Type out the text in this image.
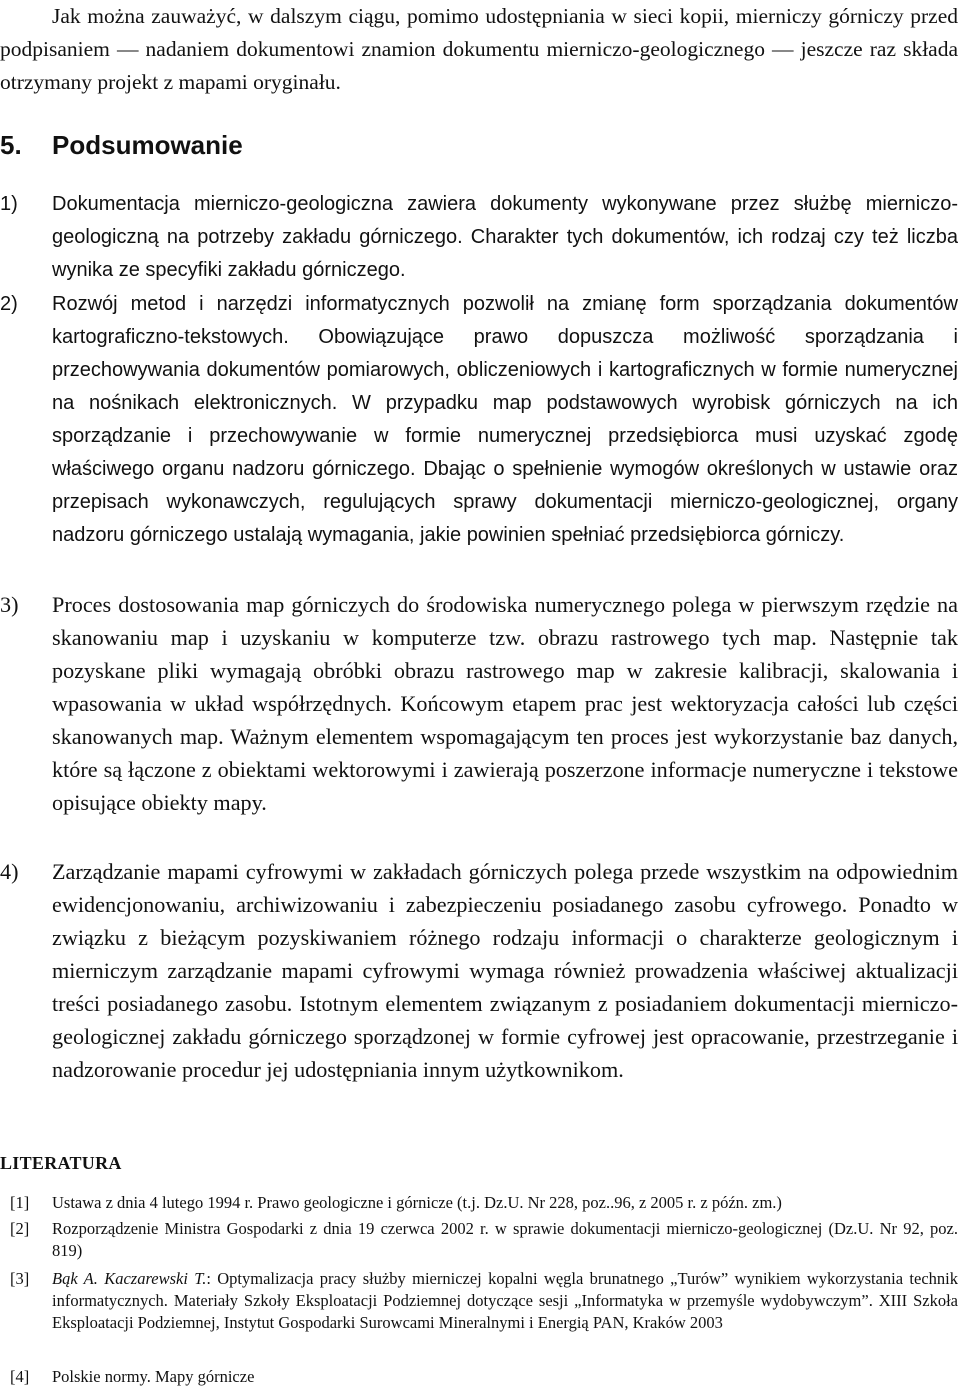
Jak można zauważyć, w dalszym ciągu, pomimo udostępniania w sieci kopii, mierniczy górniczy przed podpisaniem — nadaniem dokumentowi znamion dokumentu mierniczo-geologicznego — jeszcze raz składa otrzymany projekt z mapami oryginału.

5. Podsumowanie
1)	Dokumentacja mierniczo-geologiczna zawiera dokumenty wykonywane przez służbę mierniczo-geologiczną na potrzeby zakładu górniczego. Charakter tych dokumentów, ich rodzaj czy też liczba wynika ze specyfiki zakładu górniczego.
2)	Rozwój metod i narzędzi informatycznych pozwolił na zmianę form sporządzania dokumentów kartograficzno-tekstowych. Obowiązujące prawo dopuszcza możliwość sporządzania i przechowywania dokumentów pomiarowych, obliczeniowych i kartograficznych w formie numerycznej na nośnikach elektronicznych. W przypadku map podstawowych wyrobisk górniczych na ich sporządzanie i przechowywanie w formie numerycznej przedsiębiorca musi uzyskać zgodę właściwego organu nadzoru górniczego. Dbając o spełnienie wymogów określonych w ustawie oraz przepisach wykonawczych, regulujących sprawy dokumentacji mierniczo-geologicznej, organy nadzoru górniczego ustalają wymagania, jakie powinien spełniać przedsiębiorca górniczy.
3)	Proces dostosowania map górniczych do środowiska numerycznego polega w pierwszym rzędzie na skanowaniu map i uzyskaniu w komputerze tzw. obrazu rastrowego tych map. Następnie tak pozyskane pliki wymagają obróbki obrazu rastrowego map w zakresie kalibracji, skalowania i wpasowania w układ współrzędnych. Końcowym etapem prac jest wektoryzacja całości lub części skanowanych map. Ważnym elementem wspomagającym ten proces jest wykorzystanie baz danych, które są łączone z obiektami wektorowymi i zawierają poszerzone informacje numeryczne i tekstowe opisujące obiekty mapy.
4)	Zarządzanie mapami cyfrowymi w zakładach górniczych polega przede wszystkim na odpowiednim ewidencjonowaniu, archiwizowaniu i zabezpieczeniu posiadanego zasobu cyfrowego. Ponadto w związku z bieżącym pozyskiwaniem różnego rodzaju informacji o charakterze geologicznym i mierniczym zarządzanie mapami cyfrowymi wymaga również prowadzenia właściwej aktualizacji treści posiadanego zasobu. Istotnym elementem związanym z posiadaniem dokumentacji mierniczo-geologicznej zakładu górniczego sporządzonej w formie cyfrowej jest opracowanie, przestrzeganie i nadzorowanie procedur jej udostępniania innym użytkownikom.
LITERATURA
[1]	Ustawa z dnia 4 lutego 1994 r. Prawo geologiczne i górnicze (t.j. Dz.U. Nr 228, poz..96, z 2005 r. z późn. zm.)
[2]	Rozporządzenie Ministra Gospodarki z dnia 19 czerwca 2002 r. w sprawie dokumentacji mierniczo-geologicznej (Dz.U. Nr 92, poz. 819)
[3]	Bąk A. Kaczarewski T.: Optymalizacja pracy służby mierniczej kopalni węgla brunatnego „Turów” wynikiem wykorzystania technik informatycznych. Materiały Szkoły Eksploatacji Podziemnej dotyczące sesji „Informatyka w przemyśle wydobywczym”. XIII Szkoła Eksploatacji Podziemnej, Instytut Gospodarki Surowcami Mineralnymi i Energią PAN, Kraków 2003
[4]	Polskie normy. Mapy górnicze
